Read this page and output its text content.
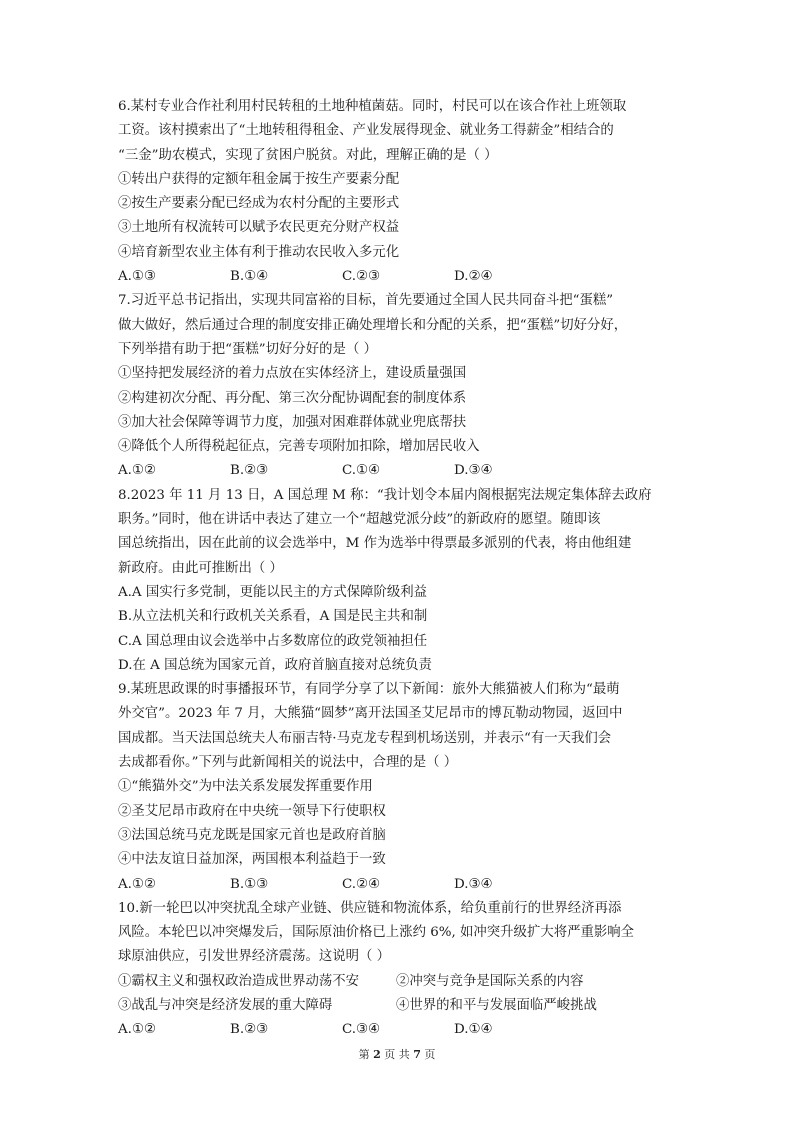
6.某村专业合作社利用村民转租的土地种植菌菇。同时，村民可以在该合作社上班领取
工资。该村摸索出了“土地转租得租金、产业发展得现金、就业务工得薪金”相结合的
“三金”助农模式，实现了贫困户脱贫。对此，理解正确的是（ ）
①转出户获得的定额年租金属于按生产要素分配
②按生产要素分配已经成为农村分配的主要形式
③土地所有权流转可以赋予农民更充分财产权益
④培育新型农业主体有利于推动农民收入多元化
A.①③	B.①④	C.②③	D.②④
7.习近平总书记指出，实现共同富裕的目标，首先要通过全国人民共同奋斗把“蛋糕”
做大做好，然后通过合理的制度安排正确处理增长和分配的关系，把“蛋糕”切好分好，
下列举措有助于把“蛋糕”切好分好的是（ ）
①坚持把发展经济的着力点放在实体经济上，建设质量强国
②构建初次分配、再分配、第三次分配协调配套的制度体系
③加大社会保障等调节力度，加强对困难群体就业兜底帮扶
④降低个人所得税起征点，完善专项附加扣除，增加居民收入
A.①②	B.②③	C.①④	D.③④
8.2023 年 11 月 13 日，A 国总理 M 称：“我计划令本届内阁根据宪法规定集体辞去政府
职务。”同时，他在讲话中表达了建立一个“超越党派分歧”的新政府的愿望。随即该
国总统指出，因在此前的议会选举中，M 作为选举中得票最多派别的代表，将由他组建
新政府。由此可推断出（ ）
A.A 国实行多党制，更能以民主的方式保障阶级利益
B.从立法机关和行政机关关系看，A 国是民主共和制
C.A 国总理由议会选举中占多数席位的政党领袖担任
D.在 A 国总统为国家元首，政府首脑直接对总统负责
9.某班思政课的时事播报环节，有同学分享了以下新闻：旅外大熊猫被人们称为“最萌
外交官”。2023 年 7 月，大熊猫“圆梦”离开法国圣艾尼昂市的博瓦勒动物园，返回中
国成都。当天法国总统夫人布丽吉特·马克龙专程到机场送别，并表示“有一天我们会
去成都看你。”下列与此新闻相关的说法中，合理的是（ ）
①“熊猫外交”为中法关系发展发挥重要作用
②圣艾尼昂市政府在中央统一领导下行使职权
③法国总统马克龙既是国家元首也是政府首脑
④中法友谊日益加深，两国根本利益趋于一致
A.①②	B.①③	C.②④	D.③④
10.新一轮巴以冲突扰乱全球产业链、供应链和物流体系，给负重前行的世界经济再添
风险。本轮巴以冲突爆发后，国际原油价格已上涨约 6%, 如冲突升级扩大将严重影响全
球原油供应，引发世界经济震荡。这说明（ ）
①霸权主义和强权政治造成世界动荡不安	②冲突与竞争是国际关系的内容
③战乱与冲突是经济发展的重大障碍	④世界的和平与发展面临严峻挑战
A.①②	B.②③	C.③④	D.①④
第 2 页 共 7 页
